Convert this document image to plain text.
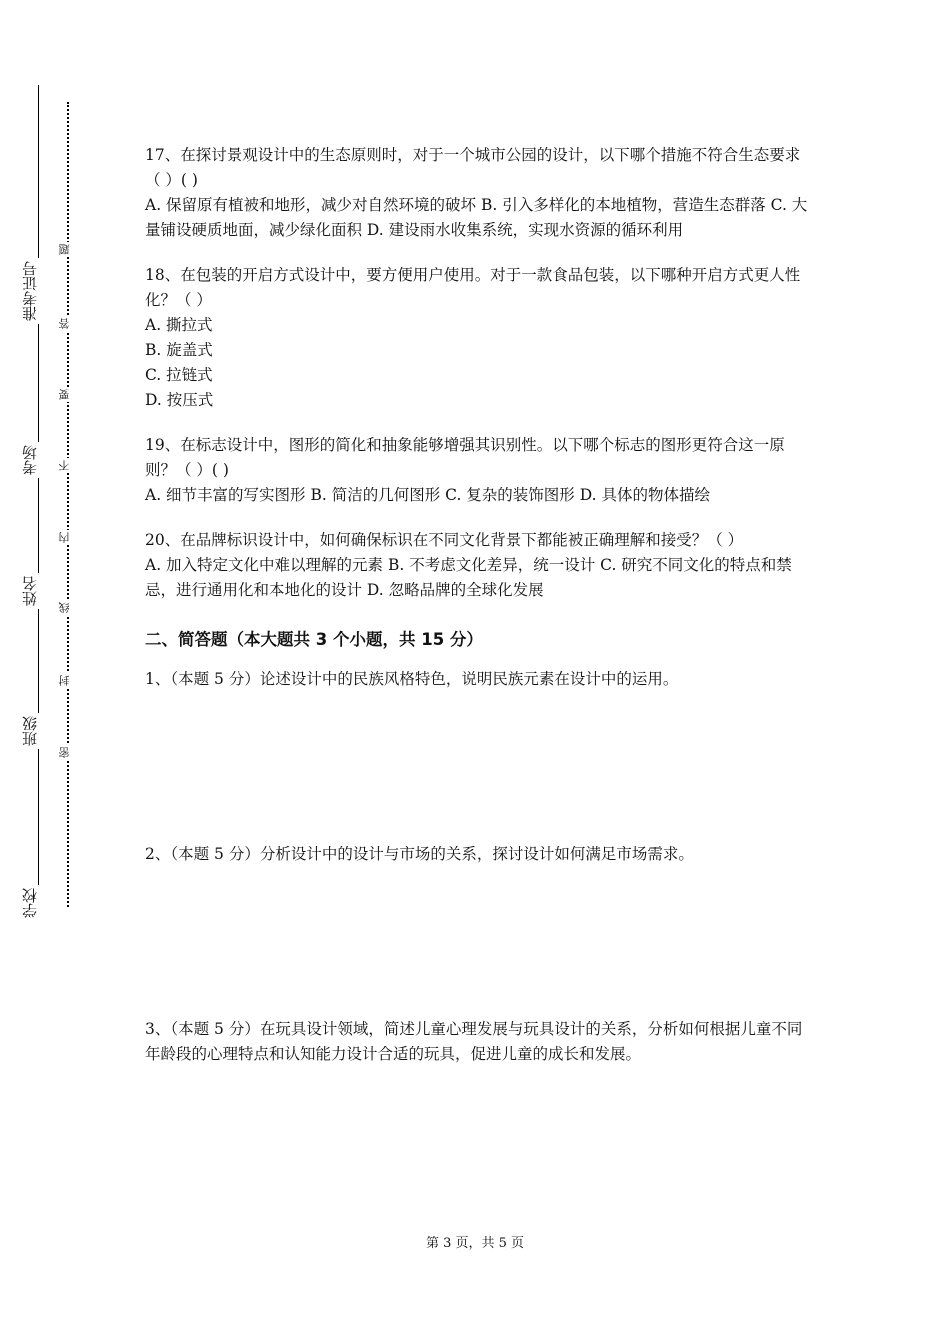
准考证号
考场
姓名
班级
学校
题
答
要
不
内
线
封
密

17、在探讨景观设计中的生态原则时，对于一个城市公园的设计，以下哪个措施不符合生态要求（ ）( )

A. 保留原有植被和地形，减少对自然环境的破坏 B. 引入多样化的本地植物，营造生态群落 C. 大量铺设硬质地面，减少绿化面积 D. 建设雨水收集系统，实现水资源的循环利用

18、在包装的开启方式设计中，要方便用户使用。对于一款食品包装，以下哪种开启方式更人性化？（ ）

A. 撕拉式

B. 旋盖式

C. 拉链式

D. 按压式

19、在标志设计中，图形的简化和抽象能够增强其识别性。以下哪个标志的图形更符合这一原则？（ ）( )

A. 细节丰富的写实图形 B. 简洁的几何图形 C. 复杂的装饰图形 D. 具体的物体描绘

20、在品牌标识设计中，如何确保标识在不同文化背景下都能被正确理解和接受？（ ）

A. 加入特定文化中难以理解的元素 B. 不考虑文化差异，统一设计 C. 研究不同文化的特点和禁忌，进行通用化和本地化的设计 D. 忽略品牌的全球化发展

二、简答题（本大题共 3 个小题，共 15 分）

1、（本题 5 分）论述设计中的民族风格特色，说明民族元素在设计中的运用。

2、（本题 5 分）分析设计中的设计与市场的关系，探讨设计如何满足市场需求。

3、（本题 5 分）在玩具设计领域，简述儿童心理发展与玩具设计的关系，分析如何根据儿童不同年龄段的心理特点和认知能力设计合适的玩具，促进儿童的成长和发展。

第 3 页，共 5 页
